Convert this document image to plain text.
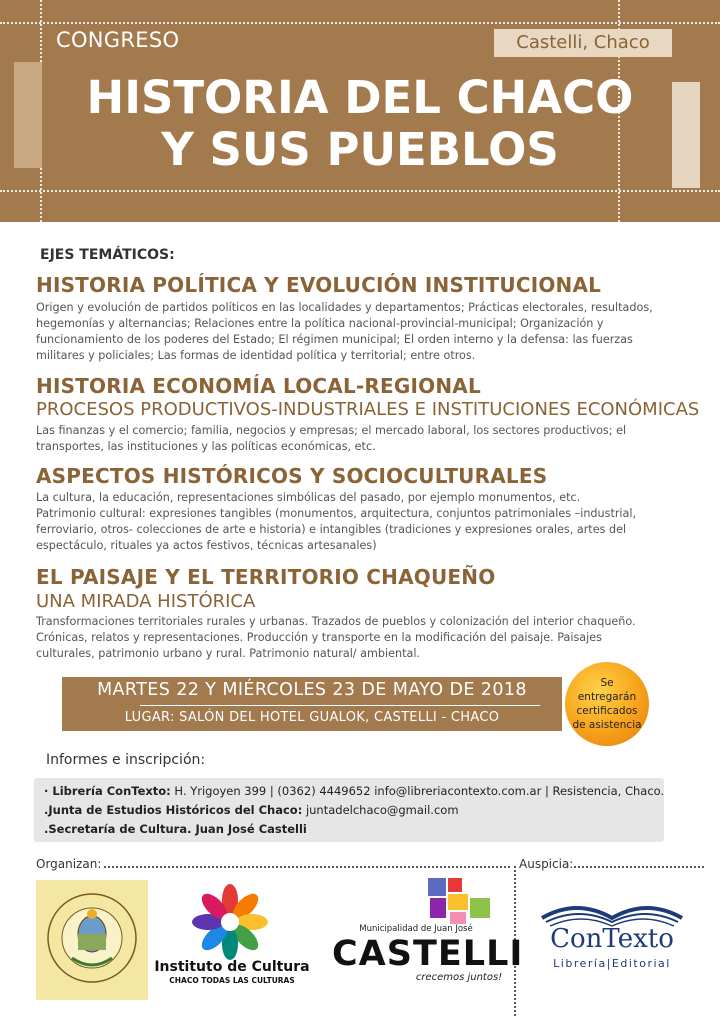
CONGRESO	Castelli, Chaco
HISTORIA DEL CHACO
Y SUS PUEBLOS
EJES TEMÁTICOS:
HISTORIA POLÍTICA Y EVOLUCIÓN INSTITUCIONAL
Origen y evolución de partidos políticos en las localidades y departamentos; Prácticas electorales, resultados,
hegemonías y alternancias; Relaciones entre la política nacional-provincial-municipal; Organización y
funcionamiento de los poderes del Estado; El régimen municipal; El orden interno y la defensa: las fuerzas
militares y policiales; Las formas de identidad política y territorial; entre otros.
HISTORIA ECONOMÍA LOCAL-REGIONAL
PROCESOS PRODUCTIVOS-INDUSTRIALES E INSTITUCIONES ECONÓMICAS
Las finanzas y el comercio; familia, negocios y empresas; el mercado laboral, los sectores productivos; el
transportes, las instituciones y las políticas económicas, etc.
ASPECTOS HISTÓRICOS Y SOCIOCULTURALES
La cultura, la educación, representaciones simbólicas del pasado, por ejemplo monumentos, etc.
Patrimonio cultural: expresiones tangibles (monumentos, arquitectura, conjuntos patrimoniales –industrial,
ferroviario, otros- colecciones de arte e historia) e intangibles (tradiciones y expresiones orales, artes del
espectáculo, rituales ya actos festivos, técnicas artesanales)
EL PAISAJE Y EL TERRITORIO CHAQUEÑO
UNA MIRADA HISTÓRICA
Transformaciones territoriales rurales y urbanas. Trazados de pueblos y colonización del interior chaqueño.
Crónicas, relatos y representaciones. Producción y transporte en la modificación del paisaje. Paisajes
culturales, patrimonio urbano y rural. Patrimonio natural/ ambiental.
MARTES 22 Y MIÉRCOLES 23 DE MAYO DE 2018
LUGAR: SALÓN DEL HOTEL GUALOK, CASTELLI - CHACO
Se entregarán certificados de asistencia
Informes e inscripción:
· Librería ConTexto: H. Yrigoyen 399 | (0362) 4449652 info@libreriacontexto.com.ar | Resistencia, Chaco.
.Junta de Estudios Históricos del Chaco: juntadelchaco@gmail.com
.Secretaría de Cultura. Juan José Castelli
Organizan:	Auspicia:
Instituto de Cultura
CHACO TODAS LAS CULTURAS
Municipalidad de Juan José
CASTELLI
crecemos juntos!
ConTexto
Librería|Editorial
